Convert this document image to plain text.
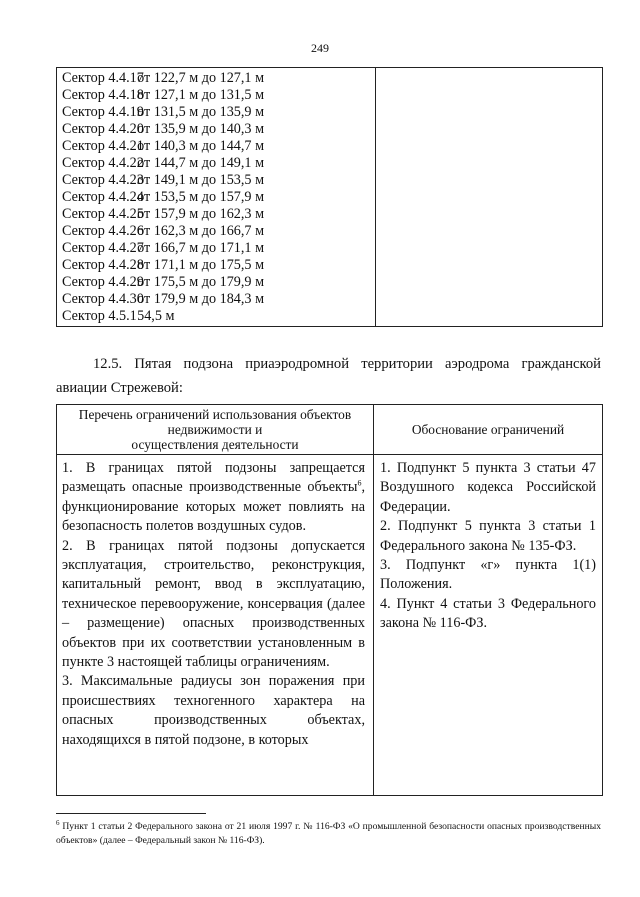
249
Сектор 4.4.17  от 122,7 м до 127,1 м
Сектор 4.4.18  от 127,1 м до 131,5 м
Сектор 4.4.19  от 131,5 м до 135,9 м
Сектор 4.4.20  от 135,9 м до 140,3 м
Сектор 4.4.21  от 140,3 м до 144,7 м
Сектор 4.4.22  от 144,7 м до 149,1 м
Сектор 4.4.23  от 149,1 м до 153,5 м
Сектор 4.4.24  от 153,5 м до 157,9 м
Сектор 4.4.25  от 157,9 м до 162,3 м
Сектор 4.4.26  от 162,3 м до 166,7 м
Сектор 4.4.27  от 166,7 м до 171,1 м
Сектор 4.4.28  от 171,1 м до 175,5 м
Сектор 4.4.29  от 175,5 м до 179,9 м
Сектор 4.4.30  от 179,9 м до 184,3 м
Сектор 4.5.1  54,5 м
12.5. Пятая подзона приаэродромной территории аэродрома гражданской авиации Стрежевой:
Перечень ограничений использования объектов
недвижимости и
осуществления деятельности
Обоснование ограничений

1. В границах пятой подзоны запрещается размещать опасные производственные объекты$^6$, функционирование которых может повлиять на безопасность полетов воздушных судов.

2. В границах пятой подзоны допускается эксплуатация, строительство, реконструкция, капитальный ремонт, ввод в эксплуатацию, техническое перевооружение, консервация (далее – размещение) опасных производственных объектов при их соответствии установленным в пункте 3 настоящей таблицы ограничениям.

3. Максимальные радиусы зон поражения при происшествиях техногенного характера на опасных производственных объектах, находящихся в пятой подзоне, в которых

1. Подпункт 5 пункта 3 статьи 47 Воздушного кодекса Российской Федерации.

2. Подпункт 5 пункта 3 статьи 1 Федерального закона № 135-ФЗ.

3. Подпункт «г» пункта 1(1) Положения.

4. Пункт 4 статьи 3 Федерального закона № 116-ФЗ.

$^6$ Пункт 1 статьи 2 Федерального закона от 21 июля 1997 г. № 116-ФЗ «О промышленной безопасности опасных производственных объектов» (далее – Федеральный закон № 116-ФЗ).
